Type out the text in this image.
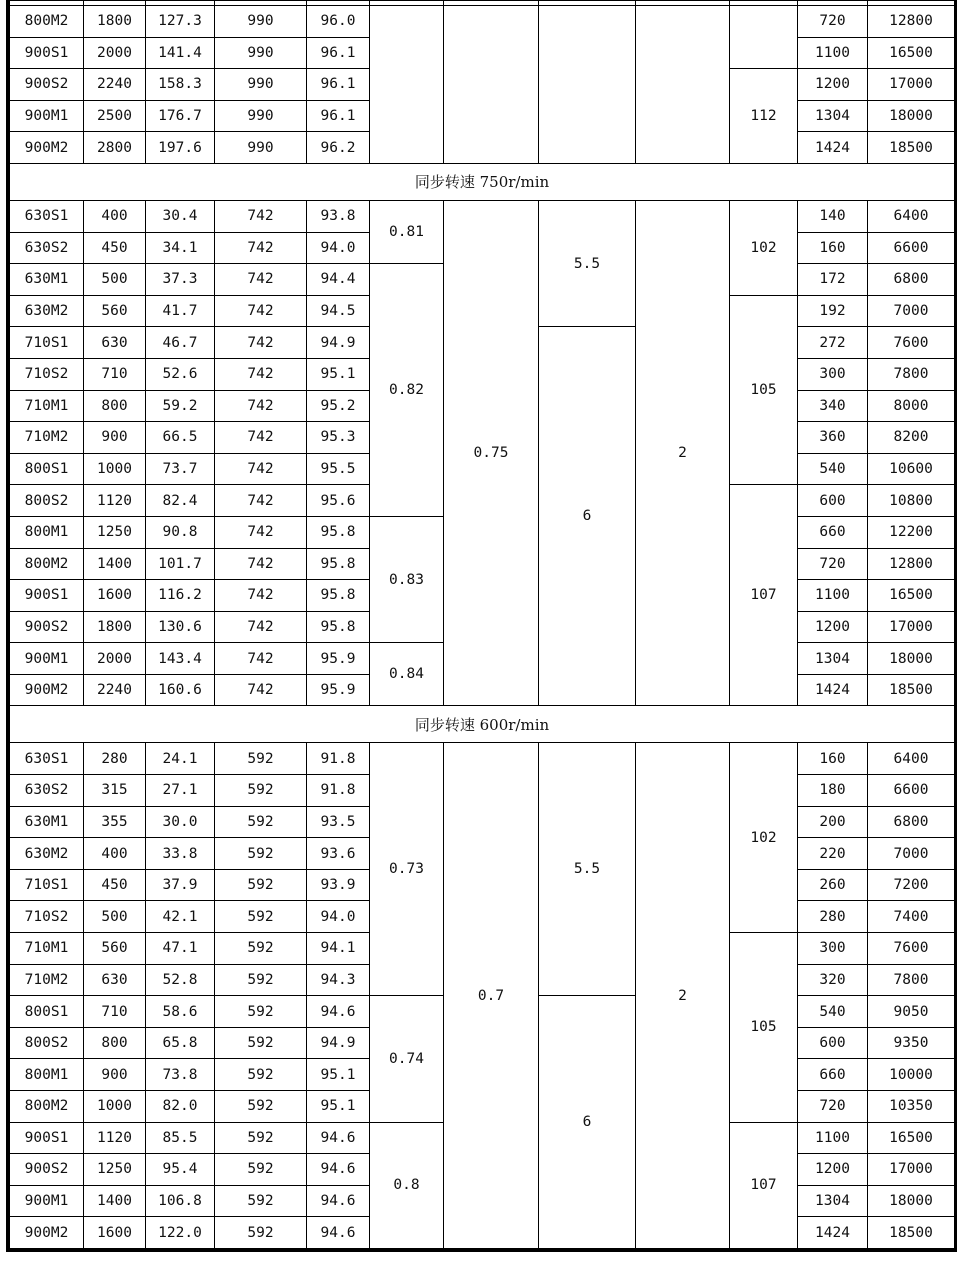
800M2	1800	127.3	990	96.0						720	12800
900S1	2000	141.4	990	96.1						1100	16500
900S2	2240	158.3	990	96.1					112	1200	17000
900M1	2500	176.7	990	96.1						1304	18000
900M2	2800	197.6	990	96.2						1424	18500
同步转速 750r/min											
630S1	400	30.4	742	93.8	0.81	0.75	5.5	2	102	140	6400
630S2	450	34.1	742	94.0						160	6600
630M1	500	37.3	742	94.4	0.82					172	6800
630M2	560	41.7	742	94.5					105	192	7000
710S1	630	46.7	742	94.9			6			272	7600
710S2	710	52.6	742	95.1						300	7800
710M1	800	59.2	742	95.2						340	8000
710M2	900	66.5	742	95.3						360	8200
800S1	1000	73.7	742	95.5						540	10600
800S2	1120	82.4	742	95.6					107	600	10800
800M1	1250	90.8	742	95.8	0.83					660	12200
800M2	1400	101.7	742	95.8						720	12800
900S1	1600	116.2	742	95.8						1100	16500
900S2	1800	130.6	742	95.8						1200	17000
900M1	2000	143.4	742	95.9	0.84					1304	18000
900M2	2240	160.6	742	95.9						1424	18500
同步转速 600r/min											
630S1	280	24.1	592	91.8	0.73	0.7	5.5	2	102	160	6400
630S2	315	27.1	592	91.8						180	6600
630M1	355	30.0	592	93.5						200	6800
630M2	400	33.8	592	93.6						220	7000
710S1	450	37.9	592	93.9						260	7200
710S2	500	42.1	592	94.0						280	7400
710M1	560	47.1	592	94.1					105	300	7600
710M2	630	52.8	592	94.3						320	7800
800S1	710	58.6	592	94.6	0.74		6			540	9050
800S2	800	65.8	592	94.9						600	9350
800M1	900	73.8	592	95.1						660	10000
800M2	1000	82.0	592	95.1						720	10350
900S1	1120	85.5	592	94.6	0.8				107	1100	16500
900S2	1250	95.4	592	94.6						1200	17000
900M1	1400	106.8	592	94.6						1304	18000
900M2	1600	122.0	592	94.6						1424	18500
